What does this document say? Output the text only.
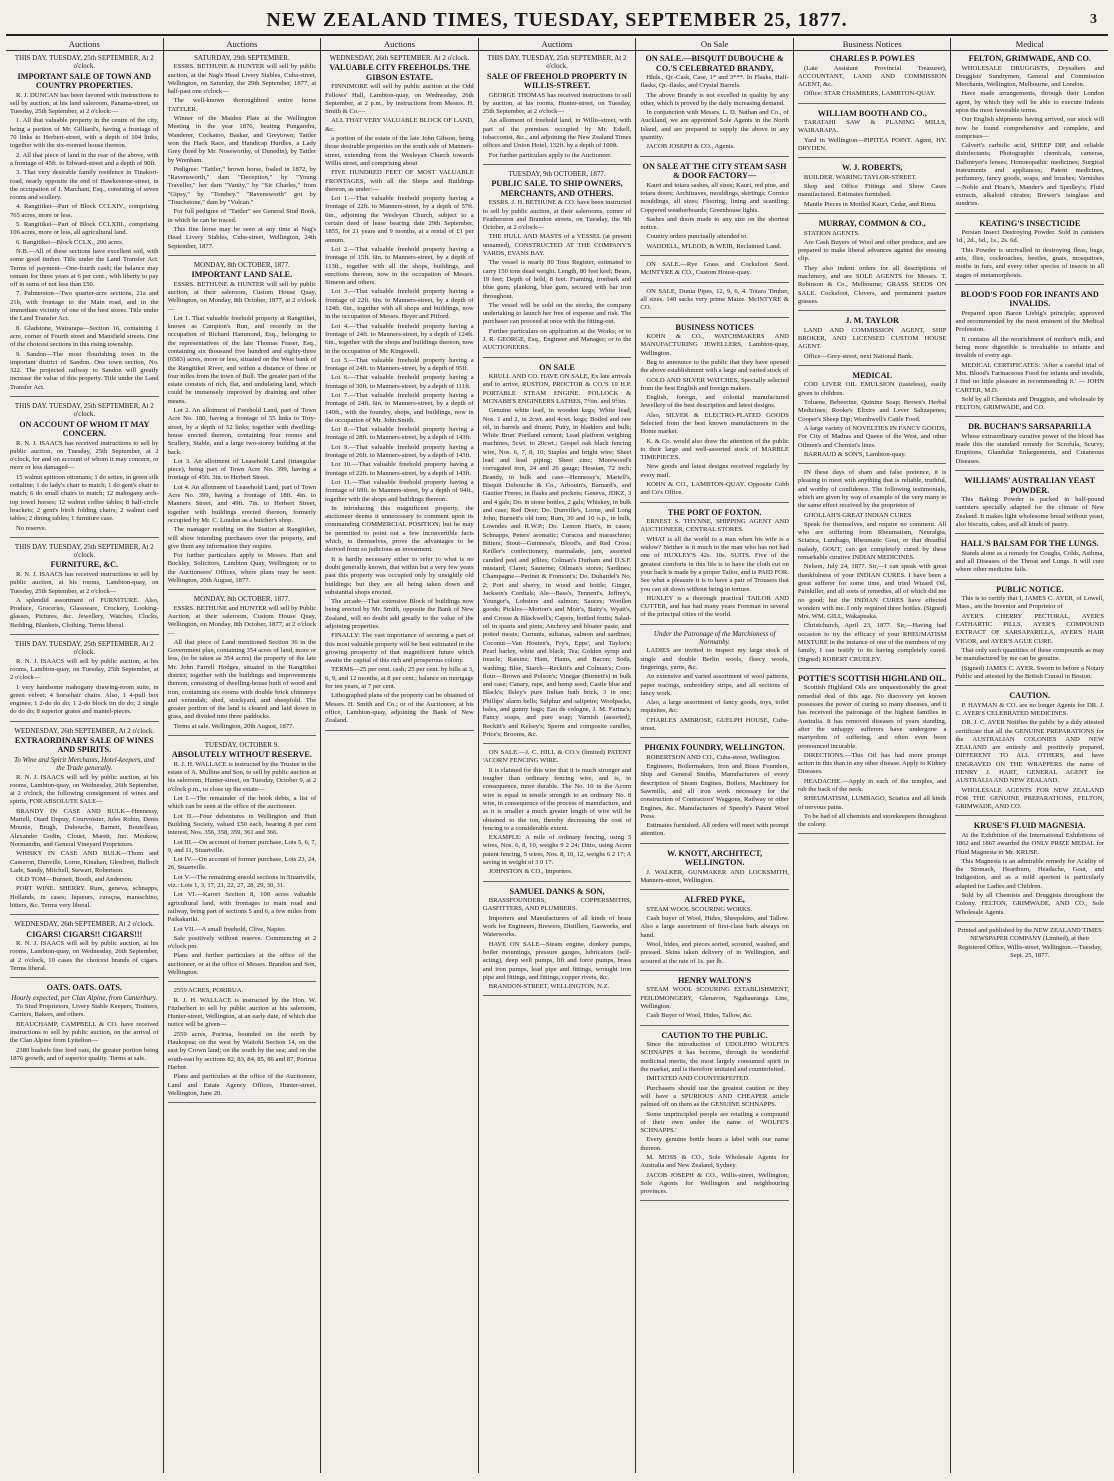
NEW ZEALAND TIMES, TUESDAY, SEPTEMBER 25, 1877.	3
Auctions
THIS DAY. TUESDAY, 25th SEPTEMBER, At 2 o'clock.
IMPORTANT SALE OF TOWN AND COUNTRY PROPERTIES.

R. J. DUNCAN has been favored with instructions to sell by auction, at his land saleroom, Panama-street, on Tuesday, 25th September, at 2 o'clock:—

1. All that valuable property in the centre of the city, being a portion of Mr. Gilliard's, having a frontage of 70 links to Herbert-street, with a depth of 104 links, together with the six-roomed house thereon.

2. All that piece of land in the rear of the above, with a frontage of 45ft. to Edward-street and a depth of 90ft.

3. That very desirable family residence in Tinakori-road, nearly opposite the end of Hawkestone-street, in the occupation of J. Marchant, Esq., consisting of seven rooms and scullery.

4. Rangitikei—Part of Block CCLXIV., comprising 765 acres, more or less.

5. Rangitikei—Part of Block CCLXIII., comprising 106 acres, more or less, all agricultural land.

6. Rangitikei—Block CCLX., 200 acres.

N.B.—All of these sections have excellent soil, with some good timber. Title under the Land Transfer Act. Terms of payment—One-fourth cash; the balance may remain for three years at 6 per cent., with liberty to pay off in sums of not less than £50.

7. Palmerston—Two quarter-acre sections, 21a and 21b, with frontage to the Main road, and in the immediate vicinity of one of the best stores. Title under the Land Transfer Act.

8. Gladstone, Wairarapa—Section 16, containing 1 acre, corner of Fourth street and Mansfield streets. One of the choicest sections in this rising township.

9. Sandon—The most flourishing town in the important district of Sandon. One town section, No. 322. The projected railway to Sandon will greatly increase the value of this property. Title under the Land Transfer Act.

THIS DAY. TUESDAY, 25th SEPTEMBER, At 2 o'clock.
ON ACCOUNT OF WHOM IT MAY CONCERN.

R. N. J. ISAACS has received instructions to sell by public auction, on Tuesday, 25th September, at 2 o'clock, for and on account of whom it may concern, or more or less damaged—

15 walnut spittoon ottomans; 1 do settee, in green silk cottaline; 1 do lady's chair to match; 1 do gent's chair to match; 6 do small chairs to match; 12 mahogany arch-top towel horses; 12 walnut coffee tables; 8 half-circle brackets; 2 gent's birch folding chairs; 2 walnut card tables; 2 dining tables; 1 furniture case.

No reserve.

THIS DAY. TUESDAY, 25th SEPTEMBER, At 2 o'clock.
FURNITURE, &C.

R. N. J. ISAACS has received instructions to sell by public auction, at his rooms, Lambton-quay, on Tuesday, 25th September, at 2 o'clock—

A splendid assortment of FURNITURE. Also, Produce, Groceries, Glassware, Crockery, Looking-glasses, Pictures, &c. Jewellery, Watches, Clocks, Bedding, Blankets, Clothing. Terms liberal.

THIS DAY. TUESDAY, 25th SEPTEMBER, At 2 o'clock.

R. N. J. ISAACS will sell by public auction, at his rooms, Lambton-quay, on Tuesday, 25th September, at 2 o'clock—

1 very handsome mahogany drawing-room suite, in green velvet; 4 horsehair chairs. Also, 1 4-pull box engines; 1 2-do do do; 1 2-do block tin do do; 2 single do do do; 8 superior grates and mantel-pieces.

WEDNESDAY, 26th SEPTEMBER, At 2 o'clock.
EXTRAORDINARY SALE OF WINES AND SPIRITS.
To Wine and Spirit Merchants, Hotel-keepers, and the Trade generally.

R. N. J. ISAACS will sell by public auction, at his rooms, Lambton-quay, on Wednesday, 26th September, at 2 o'clock, the following consignment of wines and spirits, FOR ABSOLUTE SALE—

BRANDY IN CASE AND BULK—Hennessy, Martell, Otard Dupuy, Courvoisier, Jules Robin, Denis Mounie, Brugh, Dubouche, Barnett, Boutelleau, Alexander Godin, Clouet, Marett, Jno. Meukow, Normandin, and General Vineyard Proprietors.

WHISKY IN CASE AND BULK—Thom and Cameron, Dunville, Lorne, Kinahan, Glenlivet, Bulloch Lade, Sandy, Mitchell, Stewart, Robertson.

OLD TOM—Burnett, Booth, and Anderson.

PORT WINE. SHERRY. Rum, geneva, schnapps, Hollands, in cases; liqueurs, curaçoa, maraschino, bitters, &c. Terms very liberal.

WEDNESDAY, 26th SEPTEMBER, At 2 o'clock.
CIGARS! CIGARS!! CIGARS!!!

R. N. J. ISAACS will sell by public auction, at his rooms, Lambton-quay, on Wednesday, 26th September, at 2 o'clock, 10 cases the choicest brands of cigars. Terms liberal.

OATS. OATS. OATS.
Hourly expected, per Clan Alpine, from Canterbury.

To Stud Proprietors, Livery Stable Keepers, Trainers, Carriers, Bakers, and others.

BEAUCHAMP, CAMPBELL & CO. have received instructions to sell by public auction, on the arrival of the Clan Alpine from Lyttelton—

2380 bushels fine feed oats, the greater portion being 1876 growth, and of superior quality. Terms at sale.

Auctions
SATURDAY, 29th SEPTEMBER.

ESSRS. BETHUNE & HUNTER will sell by public auction, at the Nag's Head Livery Stables, Cuba-street, Wellington, on Saturday, the 29th September, 1877, at half-past one o'clock—

The well-known thoroughbred entire horse TATTLER.

Winner of the Maiden Plate at the Wellington Meeting in the year 1876, beating Pungarehu, Wanderer, Cockatoo, Baskar, and Greytown; Tattler won the Hack Race, and Handicap Hurdles, a Lady Grey (bred by Mr. Noseworthy, of Dunedin), by Tattler by Wrenham.

Pedigree: "Tattler," brown horse, foaled in 1872, by "Ravensworth," dam "Deception," by "Young Traveller," her dam "Vanity," by "Sir Charles," from "Gipsy," by "Tombey." "Ravensworth" got by "Touchstone," dam by "Vulcan."

For full pedigree of "Tattler" see General Stud Book, in which he can be traced.

This fine horse may be seen at any time at Nag's Head Livery Stables, Cuba-street, Wellington, 24th September, 1877.

MONDAY, 8th OCTOBER, 1877.
IMPORTANT LAND SALE.

ESSRS. BETHUNE & HUNTER will sell by public auction, at their saleroom, Custom House Quay, Wellington, on Monday, 8th October, 1877, at 2 o'clock—

Lot 1. That valuable freehold property at Rangitikei, known as Campion's Run, and recently in the occupation of Richard Hammond, Esq., belonging to the representatives of the late Thomas Fraser, Esq., containing six thousand five hundred and eighty-three (6583) acres, more or less, situated on the West bank of the Rangitikei River, and within a distance of three or four miles from the town of Bull. The greater part of the estate consists of rich, flat, and undulating land, which could be immensely improved by draining and other means.

Lot 2. An allotment of Freehold Land, part of Town Acre No. 180, having a frontage of 55 links to Tory-street, by a depth of 52 links; together with dwelling-house erected thereon, containing four rooms and Scullery, Stable, and a large two-storey building at the back.

Lot 3. An allotment of Leasehold Land (triangular piece), being part of Town Acre No. 399, having a frontage of 45ft. 3in. to Herbert Street.

Lot 4. An allotment of Leasehold Land, part of Town Acre No. 399, having a frontage of 18ft. 4in. to Manners Street, and 49ft. 7in. to Herbert Street, together with buildings erected thereon, formerly occupied by Mr. C. Loudon as a butcher's shop.

The manager residing on the Station at Rangitikei, will show intending purchasers over the property, and give them any information they require.

For further particulars apply to Messrs. Hart and Buckley, Solicitors, Lambton Quay, Wellington; or to the Auctioneers' Offices, where plans may be seen. Wellington, 20th August, 1877.

MONDAY, 8th OCTOBER, 1877.

ESSRS. BETHUNE and HUNTER will sell by Public Auction, at their saleroom, Custom House Quay, Wellington, on Monday, 8th October, 1877, at 2 o'clock—

All that piece of Land mentioned Section 36 in the Government plan, containing 354 acres of land, more or less, (to be taken as 354 acres) the property of the late Mr. John Farrell Hodges, situated in the Rangitikei district; together with the buildings and improvements thereon, consisting of dwelling-house built of wood and iron, containing six rooms with double brick chimneys and verandah; shed, stockyard, and sheepfold. The greater portion of the land is cleared and laid down in grass, and divided into three paddocks.

Terms at sale. Wellington, 20th August, 1877.

TUESDAY, OCTOBER 9.
ABSOLUTELY WITHOUT RESERVE.

R. J. H. WALLACE is instructed by the Trustee in the estate of A. Mullins and Son, to sell by public auction at his saleroom, Hunter-street, on Tuesday, October 9, at 2 o'clock p.m., to close up the estate—

Lot I.—The remainder of the book debts, a list of which can be seen at the office of the auctioneer.

Lot II.—Four debentures in Wellington and Hutt Building Society, valued £50 each, bearing 8 per cent interest, Nos. 356, 358, 359, 361 and 366.

Lot III.—On account of former purchase, Lots 5, 6, 7, 9, and 11, Stuartville.

Lot IV.—On account of former purchase, Lots 23, 24, 26, Stuartville.

Lot V.—The remaining unsold sections in Stuartville, viz.: Lots 1, 3, 17, 21, 22, 27, 28, 29, 30, 31.

Lot VI.—Karori Section 8, 100 acres valuable agricultural land, with frontages to main road and railway, being part of sections 5 and 6, a few miles from Paikakariki.

Lot VII.—A small freehold, Clive, Napier.

Sale positively without reserve. Commencing at 2 o'clock pm.

Plans and further particulars at the office of the auctioneer, or at the office of Messrs. Brandon and Son, Wellington.

2559 ACRES, PORIRUA.

R. J. H. WALLACE is instructed by the Hon. W. Fitzherbert to sell by public auction at his saleroom, Hunter-street, Wellington, at an early date, of which due notice will be given—

2559 acres, Porirua, bounded on the north by Haukopua; on the west by Waitohi Section 14, on the east by Crown land; on the south by the sea; and on the south-east by sections 82, 83, 84, 85, 86 and 87, Porirua Harbor.

Plans and particulars at the office of the Auctioneer, Land and Estate Agency Offices, Hunter-street. Wellington, June 20.

Auctions
WEDNESDAY, 26th SEPTEMBER. At 2 o'clock.
VALUABLE CITY FREEHOLDS. THE GIBSON ESTATE.

FINNIMORE will sell by public auction at the Odd Fellows' Hall, Lambton-quay, on Wednesday, 26th September, at 2 p.m., by instructions from Messrs. H. Smith & Co.—

ALL THAT VERY VALUABLE BLOCK OF LAND, &c.

a portion of the estate of the late John Gibson, being those desirable properties on the south side of Manners-street, extending from the Wesleyan Church towards Willis street, and comprising about

FIVE HUNDRED FEET OF MOST VALUABLE FRONTAGES, with all the Shops and Buildings thereon, as under:—

Lot 1.—That valuable freehold property having a frontage of 22ft. to Manners-street, by a depth of 57ft. 6in., adjoining the Wesleyan Church, subject to a certain deed of lease bearing date 29th September, 1855, for 21 years and 9 months, at a rental of £1 per annum.

Lot 2.—That valuable freehold property having a frontage of 15ft. 6in. to Manners-street, by a depth of 113ft., together with all the shops, buildings, and erections thereon, now in the occupation of Messrs. Simeon and others.

Lot 3.—That valuable freehold property having a frontage of 22ft. 6in. to Manners-street, by a depth of 124ft. 6in., together with all shops and buildings, now in the occupation of Messrs. Heyer and Pitford.

Lot 4.—That valuable freehold property having a frontage of 24ft. to Manners-street, by a depth of 124ft. 6in., together with the shops and buildings thereon, now in the occupation of Mr. Kingswell.

Lot 5.—That valuable freehold property having a frontage of 24ft. to Manners-street, by a depth of 95ft.

Lot 6.—That valuable freehold property having a frontage of 30ft. to Manners-street, by a depth of 111ft.

Lot 7.—That valuable freehold property having a frontage of 24ft. 6in. to Manners-street, by a depth of 149ft., with the foundry, shops, and buildings, now in the occupation of Mr. John Smith.

Lot 8.—That valuable freehold property having a frontage of 28ft. to Manners-street, by a depth of 143ft.

Lot 9.—That valuable freehold property having a frontage of 26ft. to Manners-street, by a depth of 143ft.

Lot 10.—That valuable freehold property having a frontage of 22ft. to Manners-street, by a depth of 143ft.

Lot 11.—That valuable freehold property having a frontage of 69ft. to Manners-street, by a depth of 94ft., together with the shops and buildings thereon.

In introducing this magnificent property, the auctioneer deems it unnecessary to comment upon its commanding COMMERCIAL POSITION; but he may be permitted to point out a few inconvertible facts which, in themselves, prove the advantages to be derived from so judicious an investment.

It is hardly necessary either to refer to what is no doubt generally known, that within but a very few years past this property was occupied only by unsightly old buildings; but they are all being taken down and substantial shops erected.

The arcade—That extensive Block of buildings now being erected by Mr. Smith, opposite the Bank of New Zealand, will no doubt add greatly to the value of the adjoining properties.

FINALLY: The vast importance of securing a part of this most valuable property will be best estimated in the growing prosperity of that magnificent future which awaits the capital of this rich and prosperous colony.

TERMS—25 per cent. cash; 25 per cent. by bills at 3, 6, 9, and 12 months, at 8 per cent.; balance on mortgage for ten years, at 7 per cent.

Lithographed plans of the property can be obtained of Messrs. H. Smith and Co.; or of the Auctioneer, at his office, Lambton-quay, adjoining the Bank of New Zealand.

Auctions
THIS DAY. TUESDAY, 25th SEPTEMBER, At 2 o'clock.
SALE OF FREEHOLD PROPERTY IN WILLIS-STREET.

GEORGE THOMAS has received instructions to sell by auction, at his rooms, Hunter-street, on Tuesday, 25th September, at 2 o'clock—

An allotment of freehold land, in Willis-street, with part of the premises occupied by Mr. Eskell, tobacconist, &c., and adjoining the New Zealand Times offices and Union Hotel, 132ft. by a depth of 100ft.

For further particulars apply to the Auctioneer.

TUESDAY, 9th OCTOBER, 1877.
PUBLIC SALE. TO SHIP OWNERS, MERCHANTS, AND OTHERS.

ESSRS. J. H. BETHUNE & CO. have been instructed to sell by public auction, at their salerooms, corner of Featherston and Brandon streets, on Tuesday, the 9th October, at 2 o'clock—

THE HULL AND MASTS of a VESSEL (at present unnamed), CONSTRUCTED AT THE COMPANY'S YARDS, EVANS BAY.

The vessel is nearly 80 Tons Register, estimated to carry 150 tons dead weight. Length, 80 feet keel; Beam, 19 feet; Depth of hold, 8 feet. Framing, ironbark and blue gum; planking, blue gum, secured with bar iron throughout.

The vessel will be sold on the stocks, the company undertaking to launch her free of expense and risk. The purchaser can proceed at once with the fitting-out.

Further particulars on application at the Works; or to J. R. GEORGE, Esq., Engineer and Manager; or to the AUCTIONEERS.

ON SALE

KRULL AND CO. HAVE ON SALE, Ex late arrivals and to arrive, RUSTON, PROCTOR & CO.'S 10 H.P. PORTABLE STEAM ENGINE. POLLOCK & MCNABB'S ENGINEERS LATHES, 7½in. and 9½in.

Genuine white lead, in wooden kegs; White lead, Nos. 1 and 2, in 2cwt. and 4cwt. kegs; Boiled and raw oil, in barrels and drums; Putty, in bladders and bulk; White Brun' Portland cement; Lead platform weighing machines, 5cwt. to 20cwt.; Gospel oak black fencing wire, Nos. 6, 7, 8, 10; Staples and bright wire; Sheet lead and lead piping; Sheet zinc; Morewood's corrugated iron, 24 and 26 gauge; Hessian, 72 inch; Brandy, in bulk and case—Hennessy's, Martell's, Bisquit Dubouche & Co., Arbouin's, Barnard's, and Gautier Freres; in flasks and pockets; Geneva, JDKZ, 3 and 4 gals; Do. in stone bottles, 2 gals; Whiskey, in bulk and case; Red Deer; Do. Dunville's, Lorne, and Long John; Burnett's old tom; Rum, 30 and 10 o.p., in bulk, Lowndes and R.W.P.; Do. Lemon Hart's, in cases; Schnapps, Peters' aromatic; Curacoa and maraschino; Bitters; Stout—Guinness's, Blood's, and Red Cross; Keiller's confectionery, marmalade, jam, assorted candied peel and jellies; Colman's Durham and D.S.F. mustard; Claret; Sauterne; Oilman's stores; Sardines; Champagne—Perinet & Fromont's; Do. Duhardel's No. 2; Port and sherry, in wood and bottle; Ginger, Jackson's Cordials; Ale—Bass's, Tennent's, Jeffrey's, Younger's, Lobsters and salmon; Sauces; Woollen goods; Pickles—Morton's and Moir's, Batty's, Wyatt's, and Crosse & Blackwell's; Capers, bottled fruits; Salad-oil in quarts and pints; Anchovy and bloater paste, and potted meats; Currants, sultanas, salmon and sardines; Coconut—Van Houten's, Fry's, Epps', and Taylor's; Pearl barley, white and black; Tea; Golden syrup and treacle; Raisins; Ham, Hams, and Bacon; Soda, washing; Blue, Starch—Reckitt's and Colman's; Corn-flour—Brown and Polson's; Vinegar (Burnett's) in bulk and case; Canary, rape, and hemp seed; Castle blue and Black's; Ilsley's pure Indian bath brick, 3 in one; Phillips' alarm bells; Sulphur and saltpetre; Woolpacks, bales, and gunny bags; Eau de cologne, J. M. Farina's; Fancy soaps, and pure soap; Varnish (assorted), Reckitt's and Kelsey's; Sperm and composite candles, Price's; Brooms, &c.

ON SALE.—J. C. HILL & CO.'s (limited) PATENT 'ACORN' FENCING WIRE.

It is claimed for this wire that it is much stronger and tougher than ordinary fencing wire, and is, in consequence, more durable. The No. 10 in the Acorn wire is equal in tensile strength to an ordinary No. 8 wire, in consequence of the process of manufacture, and as it is smaller a much greater length of wire will be obtained to the ton, thereby decreasing the cost of fencing to a considerable extent.

EXAMPLE: A mile of ordinary fencing, using 5 wires, Nos. 6, 8, 10, weighs 9 2 24; Ditto, using Acorn patent fencing, 5 wires, Nos. 8, 10, 12, weighs 6 2 17; A saving in weight of 3 0 17.

JOHNSTON & CO., Importers.

SAMUEL DANKS & SON,

BRASSFOUNDERS, COPPERSMITHS, GASFITTERS, AND PLUMBERS.

Importers and Manufacturers of all kinds of brass work for Engineers, Brewers, Distillers, Gasworks, and Waterworks.

HAVE ON SALE—Steam engine, donkey pumps, boiler mountings, pressure gauges, lubricators (self-acting), deep well pumps, lift and force pumps, brass and iron pumps, lead pipe and fittings, wrought iron pipe and fittings, and fittings, copper rivets, &c.

BRANDON-STREET, WELLINGTON, N.Z.

On Sale
ON SALE.—BISQUIT DUBOUCHE & CO.'S CELEBRATED BRANDY,

Hhds., Qr.-Cask, Case, 1* and 3***. In Flasks, Half-flasks, Qr.-flasks, and Crystal Barrels.

The above Brandy is not excelled in quality by any other, which is proved by the daily increasing demand.

In conjunction with Messrs. L. D. Nathan and Co., of Auckland, we are appointed Sole Agents in the North Island, and are prepared to supply the above in any quantity.

JACOB JOSEPH & CO., Agents.

ON SALE AT THE CITY STEAM SASH & DOOR FACTORY—

Kauri and totara sashes, all sizes; Kauri, red pine, and totara doors; Architraves, mouldings, skirtings; Cornice mouldings, all sizes; Flooring, lining and scantling; Coppered weatherboards; Greenhouse lights.

Sashes and doors made to any size on the shortest notice.

Country orders punctually attended to.

WADDELL, M'LEOD, & WEIR, Reclaimed Land.

ON SALE.—Rye Grass and Cocksfoot Seed. McINTYRE & CO., Custom House-quay.

ON SALE, Dunia Pipes, 12, 9, 6, 4. Totara Timber, all sizes. 140 sacks very prime Maize. McINTYRE & CO.

BUSINESS NOTICES

KOHN & CO., WATCHMAKERS AND MANUFACTURING JEWELLERS, Lambton-quay, Wellington.

Beg to announce to the public that they have opened the above establishment with a large and varied stock of

GOLD AND SILVER WATCHES, Specially selected from the best English and foreign makers.

English, foreign, and colonial manufactured Jewellery of the best description and latest designs.

Also, SILVER & ELECTRO-PLATED GOODS Selected from the best known manufacturers in the Home market.

K. & Co. would also draw the attention of the public to their large and well-assorted stock of MARBLE TIMEPIECES.

New goods and latest designs received regularly by every mail.

KOHN & CO., LAMBTON-QUAY. Opposite Cobb and Co's Office.

THE PORT OF FOXTON.

ERNEST S. THYNNE, SHIPPING AGENT AND AUCTIONEER, CENTRAL STORES.

WHAT is all the world to a man when his wife is a widow? Neither is it much to the man who has not had one of HUXLEY'S 42s. 10s. SUITS. Five of the greatest comforts in this life is to have the cloth cut on your back is made by a proper Tailor, and is PAID FOR. See what a pleasure it is to have a pair of Trousers that you can sit down without being in torture.

HUXLEY is a thorough practical TAILOR AND CUTTER, and has had many years Foreman in several of the principal cities of the world.

Under the Patronage of the Marchioness of Normanby.

LADIES are invited to inspect my large stock of single and double Berlin wools, fleecy wools, fingerings, yarns, &c.

An extensive and varied assortment of wool patterns, paper tracings, embroidery strips, and all sections of fancy work.

Also, a large assortment of fancy goods, toys, toilet requisites, &c.

CHARLES AMBROSE, GUELPH HOUSE, Cuba-street.

PHŒNIX FOUNDRY, WELLINGTON.

ROBERTSON AND CO., Cuba-street, Wellington.

Engineers, Boilermakers, Iron and Brass Founders, Ship and General Smiths, Manufacturers of every description of Steam Engines, Boilers, Machinery for Sawmills, and all iron work necessary for the construction of Contractors' Waggons, Railway or other Engines, &c. Manufacturers of Speedy's Patent Wool Press.

Estimates furnished. All orders will meet with prompt attention.

W. KNOTT, ARCHITECT, WELLINGTON.

J. WALKER, GUNMAKER AND LOCKSMITH, Manners-street, Wellington.

ALFRED PYKE,

STEAM WOOL SCOURING WORKS.

Cash buyer of Wool, Hides, Sheepskins, and Tallow. Also a large assortment of first-class bark always on hand.

Wool, hides, and pieces sorted, scoured, washed, and pressed. Skins taken delivery of in Wellington, and scoured at the rate of 1s. per lb.

HENRY WALTON'S

STEAM WOOL SCOURING ESTABLISHMENT, FEILDMONGERY, Glenavon, Ngahauranga Line, Wellington.

Cash Buyer of Wool, Hides, Tallow, &c.

CAUTION TO THE PUBLIC.

Since the introduction of UDOLPHO WOLFE'S SCHNAPPS it has become, through its wonderful medicinal merits, the most largely consumed spirit in the market, and is therefore imitated and counterfeited.

IMITATED AND COUNTERFEITED.

Purchasers should use the greatest caution or they will have a SPURIOUS AND CHEAPER article palmed off on them as the GENUINE SCHNAPPS.

Some unprincipled people are retailing a compound of their own under the name of 'WOLFE'S SCHNAPPS.'

Every genuine bottle bears a label with our name thereon.

M. MOSS & CO., Sole Wholesale Agents for Australia and New Zealand, Sydney.

JACOB JOSEPH & CO., Willis-street, Wellington, Sole Agents for Wellington and neighbouring provinces.

Business Notices
CHARLES P. POWLES

(Late Assistant Provincial Treasurer), ACCOUNTANT, LAND AND COMMISSION AGENT, &c.

Office: STAR CHAMBERS, LAMBTON-QUAY.

WILLIAM BOOTH AND CO.,

TARATAHI SAW & PLANING MILLS, WAIRARAPA.

Yard in Wellington—PIPITEA POINT. Agent, HY. DRYDEN.

W. J. ROBERTS,

BUILDER. WARING TAYLOR-STREET.

Shop and Office Fittings and Show Cases manufactured. Estimates furnished.

Mantle Pieces in Mottled Kauri, Cedar, and Rimu.

MURRAY, COMMON & CO.,

STATION AGENTS.

Are Cash Buyers of Wool and other produce, and are prepared to make liberal advances against the ensuing clip.

They also indent orders for all descriptions of machinery, and are SOLE AGENTS for Messrs. T. Robinson & Co., Melbourne; GRASS SEEDS ON SALE. Cocksfoot, Clovers, and permanent pasture grasses.

J. M. TAYLOR

LAND AND COMMISSION AGENT, SHIP BROKER, AND LICENSED CUSTOM HOUSE AGENT.

Office—Grey-street, next National Bank.

MEDICAL

COD LIVER OIL EMULSION (tasteless), easily given to children.

Toluene, Bebeerine, Quinine Soap; Brown's Herbal Medicines; Rooke's Elixirs and Lever Saltzapenes; Cooper's Sheep Dip; Wombwell's Cattle Food.

A large variety of NOVELTIES IN FANCY GOODS, For City of Madras and Queen of the West, and other Oilmen's and Chemist's lines.

BARRAUD & SON'S, Lambton-quay.

IN these days of sham and false pretence, it is pleasing to meet with anything that is reliable, truthful, and worthy of confidence. The following testimonials, which are given by way of example of the very many to the same effect received by the proprietor of

GHOLLAH'S GREAT INDIAN CURES

Speak for themselves, and require no comment. All who are suffering from Rheumatism, Neuralgia, Sciatica, Lumbago, Rheumatic Gout, or that dreadful malady, GOUT, can get completely cured by these remarkable curative INDIAN MEDICINES.

Nelson, July 24, 1877. Sir,—I can speak with great thankfulness of your INDIAN CURES. I have been a great sufferer for some time, and tried Wizard Oil, Painkiller, and all sorts of remedies, all of which did me no good; but the INDIAN CURES have effected wonders with me. I only required three bottles. (Signed) Mrs. WM. GILL, Wakapuaka.

Christchurch, April 23, 1877. Sir,—Having had occasion to try the efficacy of your RHEUMATISM MIXTURE in the instance of one of the members of my family, I can testify to its having completely cured. (Signed) ROBERT CRUDLEY.

POTTIE'S SCOTTISH HIGHLAND OIL.

Scottish Highland Oils are unquestionably the great remedial deal of this age. No discovery yet known possesses the power of curing so many diseases, and it has received the patronage of the highest families in Australia. It has removed diseases of years standing, after the unhappy sufferers have undergone a martyrdom of suffering, and often even been pronounced incurable.

DIRECTIONS.—This Oil has had more prompt action in this than in any other disease. Apply to Kidney Diseases.

HEADACHE.—Apply in each of the temples, and rub the back of the neck.

RHEUMATISM, LUMBAGO, Sciatica and all kinds of nervous pains.

To be had of all chemists and storekeepers throughout the colony.

Medical
FELTON, GRIMWADE, AND CO.

WHOLESALE DRUGGISTS, Drysalters and Druggists' Sundrymen, General and Commission Merchants, Wellington, Melbourne, and London.

Have made arrangements, through their London agent, by which they will be able to execute Indents upon the most favorable terms.

Our English shipments having arrived, our stock will now be found comprehensive and complete, and comprises—

Calvert's carbolic acid, SHEEP DIP, and reliable disinfectants; Photographic chemicals, cameras, Dallmeyer's lenses; Homœopathic medicines; Surgical instruments and appliances; Patent medicines, perfumery, fancy goods, soaps, and brushes; Varnishes—Noble and Hoare's, Mander's and Spedley's; Fluid extracts, alkaloid citrates; Brewer's isinglass and sundries.

KEATING'S INSECTICIDE

Persian Insect Destroying Powder. Sold in canisters 1d., 2d., 6d., 1s., 2s. 6d.

This Powder is unrivalled in destroying fleas, bugs, ants, flies, cockroaches, beetles, gnats, mosquitoes, moths in furs, and every other species of insects in all stages of metamorphosis.

BLOOD'S FOOD FOR INFANTS AND INVALIDS.

Prepared upon Baron Liebig's principle; approved and recommended by the most eminent of the Medical Profession.

It contains all the nourishment of mother's milk, and being more digestible is invaluable to infants and invalids of every age.

MEDICAL CERTIFICATES: 'After a careful trial of Mrs. Blood's Farinaceous Food for infants and invalids, I find no little pleasure in recommending it.' — JOHN CARTER, M.D.

Sold by all Chemists and Druggists, and wholesale by FELTON, GRIMWADE, and CO.

DR. BUCHAN'S SARSAPARILLA

Whose extraordinary curative power of the blood has made this the standard remedy for Scrofula, Scurvy, Eruptions, Glandular Enlargements, and Cutaneous Diseases.

WILLIAMS' AUSTRALIAN YEAST POWDER.

This Baking Powder is packed in half-pound canisters specially adapted for the climate of New Zealand. It makes light wholesome bread without yeast, also biscuits, cakes, and all kinds of pastry.

HALL'S BALSAM FOR THE LUNGS.

Stands alone as a remedy for Coughs, Colds, Asthma, and all Diseases of the Throat and Lungs. It will cure where other medicine fails.

PUBLIC NOTICE.

This is to certify that I, JAMES C. AYER, of Lowell, Mass., am the Inventor and Proprietor of

AYER'S CHERRY PECTORAL, AYER'S CATHARTIC PILLS, AYER'S COMPOUND EXTRACT OF SARSAPARILLA, AYER'S HAIR VIGOR, and AYER'S AGUE CURE.

That only such quantities of these compounds as may be manufactured by me can be genuine.

(Signed) JAMES C. AYER. Sworn to before a Notary Public and attested by the British Consul in Boston.

CAUTION.

P. HAYMAN & CO. are no longer Agents for DR. J. C. AYER'S CELEBRATED MEDICINES.

DR. J. C. AYER Notifies the public by a duly attested certificate that all the GENUINE PREPARATIONS for the AUSTRALIAN COLONIES AND NEW ZEALAND are entirely and positively prepared, DIFFERENT TO ALL OTHERS, and have ENGRAVED ON THE WRAPPERS the name of HENRY J. HART, GENERAL AGENT for AUSTRALIA AND NEW ZEALAND.

WHOLESALE AGENTS FOR NEW ZEALAND FOR THE GENUINE PREPARATIONS, FELTON, GRIMWADE, AND CO.

KRUSE'S FLUID MAGNESIA.

At the Exhibition of the International Exhibitions of 1862 and 1867 awarded the ONLY PRIZE MEDAL for Fluid Magnesia to Mr. KRUSE.

This Magnesia is an admirable remedy for Acidity of the Stomach, Heartburn, Headache, Gout, and Indigestion, and as a mild aperient is particularly adapted for Ladies and Children.

Sold by all Chemists and Druggists throughout the Colony. FELTON, GRIMWADE, AND CO., Sole Wholesale Agents.

Printed and published by the NEW ZEALAND TIMES NEWSPAPER COMPANY (Limited), at their Registered Office, Willis-street, Wellington.—Tuesday, Sept. 25, 1877.
